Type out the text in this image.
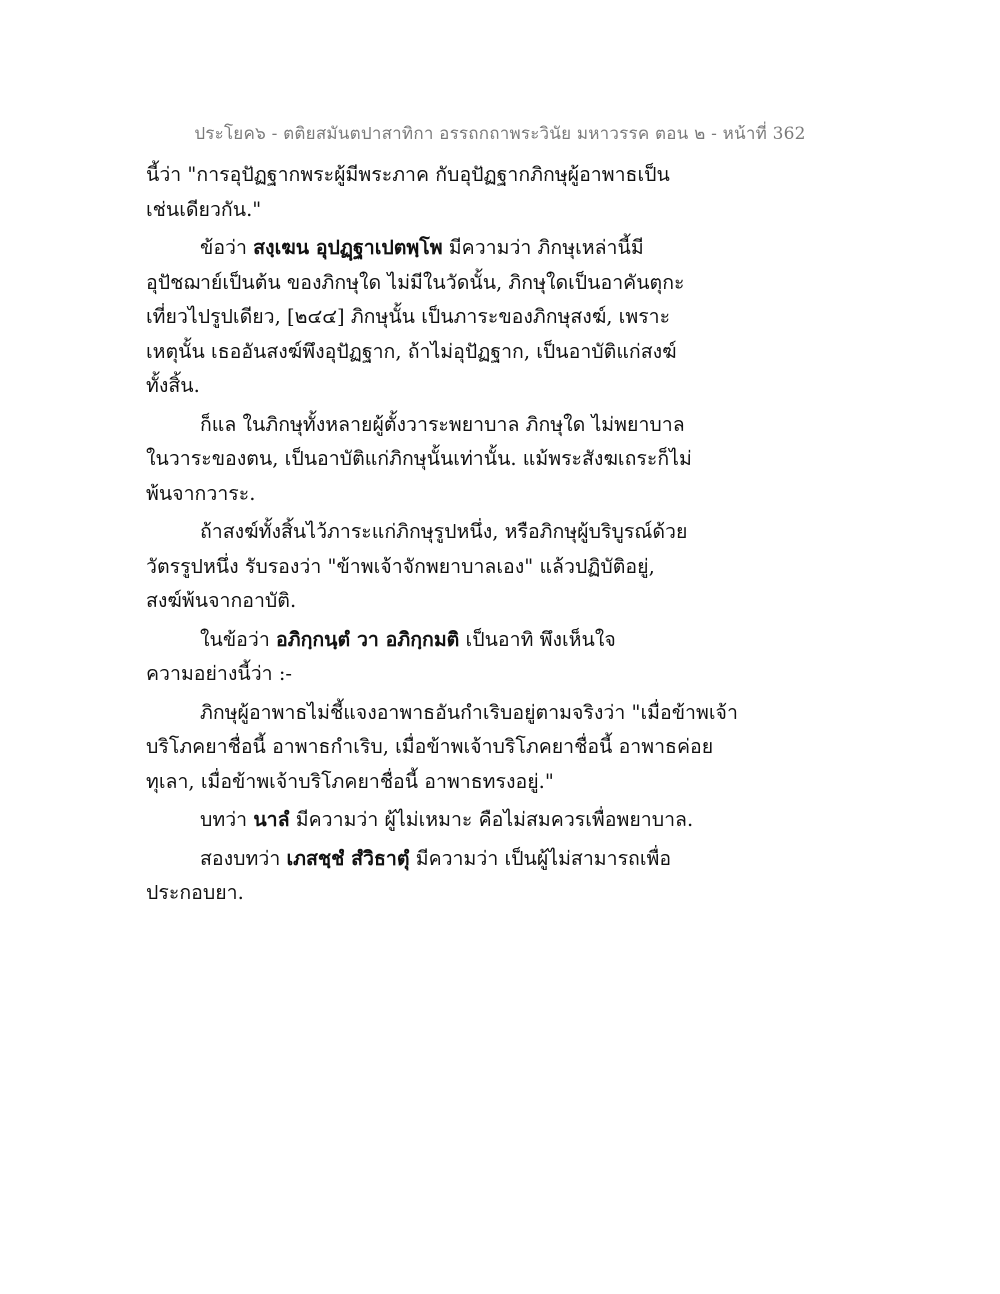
ประโยค๖ - ตติยสมันตปาสาทิกา อรรถกถาพระวินัย มหาวรรค ตอน ๒ - หน้าที่ 362
นี้ว่า "การอุปัฏฐากพระผู้มีพระภาค กับอุปัฏฐากภิกษุผู้อาพาธเป็น
เช่นเดียวกัน."
ข้อว่า สงฺเฆน อุปฏฺฐาเปตพฺโพ มีความว่า ภิกษุเหล่านี้มี
อุปัชฌาย์เป็นต้น ของภิกษุใด ไม่มีในวัดนั้น, ภิกษุใดเป็นอาคันตุกะ
เที่ยวไปรูปเดียว, [๒๔๔] ภิกษุนั้น เป็นภาระของภิกษุสงฆ์, เพราะ
เหตุนั้น เธออันสงฆ์พึงอุปัฏฐาก, ถ้าไม่อุปัฏฐาก, เป็นอาบัติแก่สงฆ์
ทั้งสิ้น.
ก็แล ในภิกษุทั้งหลายผู้ตั้งวาระพยาบาล ภิกษุใด ไม่พยาบาล
ในวาระของตน, เป็นอาบัติแก่ภิกษุนั้นเท่านั้น. แม้พระสังฆเถระก็ไม่
พ้นจากวาระ.
ถ้าสงฆ์ทั้งสิ้นไว้ภาระแก่ภิกษุรูปหนึ่ง, หรือภิกษุผู้บริบูรณ์ด้วย
วัตรรูปหนึ่ง รับรองว่า "ข้าพเจ้าจักพยาบาลเอง" แล้วปฏิบัติอยู่,
สงฆ์พ้นจากอาบัติ.
ในข้อว่า อภิกฺกนฺตํ วา อภิกฺกมติ เป็นอาทิ พึงเห็นใจ
ความอย่างนี้ว่า :-
ภิกษุผู้อาพาธไม่ชี้แจงอาพาธอันกำเริบอยู่ตามจริงว่า "เมื่อข้าพเจ้า
บริโภคยาชื่อนี้ อาพาธกำเริบ, เมื่อข้าพเจ้าบริโภคยาชื่อนี้ อาพาธค่อย
ทุเลา, เมื่อข้าพเจ้าบริโภคยาชื่อนี้ อาพาธทรงอยู่."
บทว่า นาลํ มีความว่า ผู้ไม่เหมาะ คือไม่สมควรเพื่อพยาบาล.
สองบทว่า เภสชฺชํ สํวิธาตุํ มีความว่า เป็นผู้ไม่สามารถเพื่อ
ประกอบยา.
